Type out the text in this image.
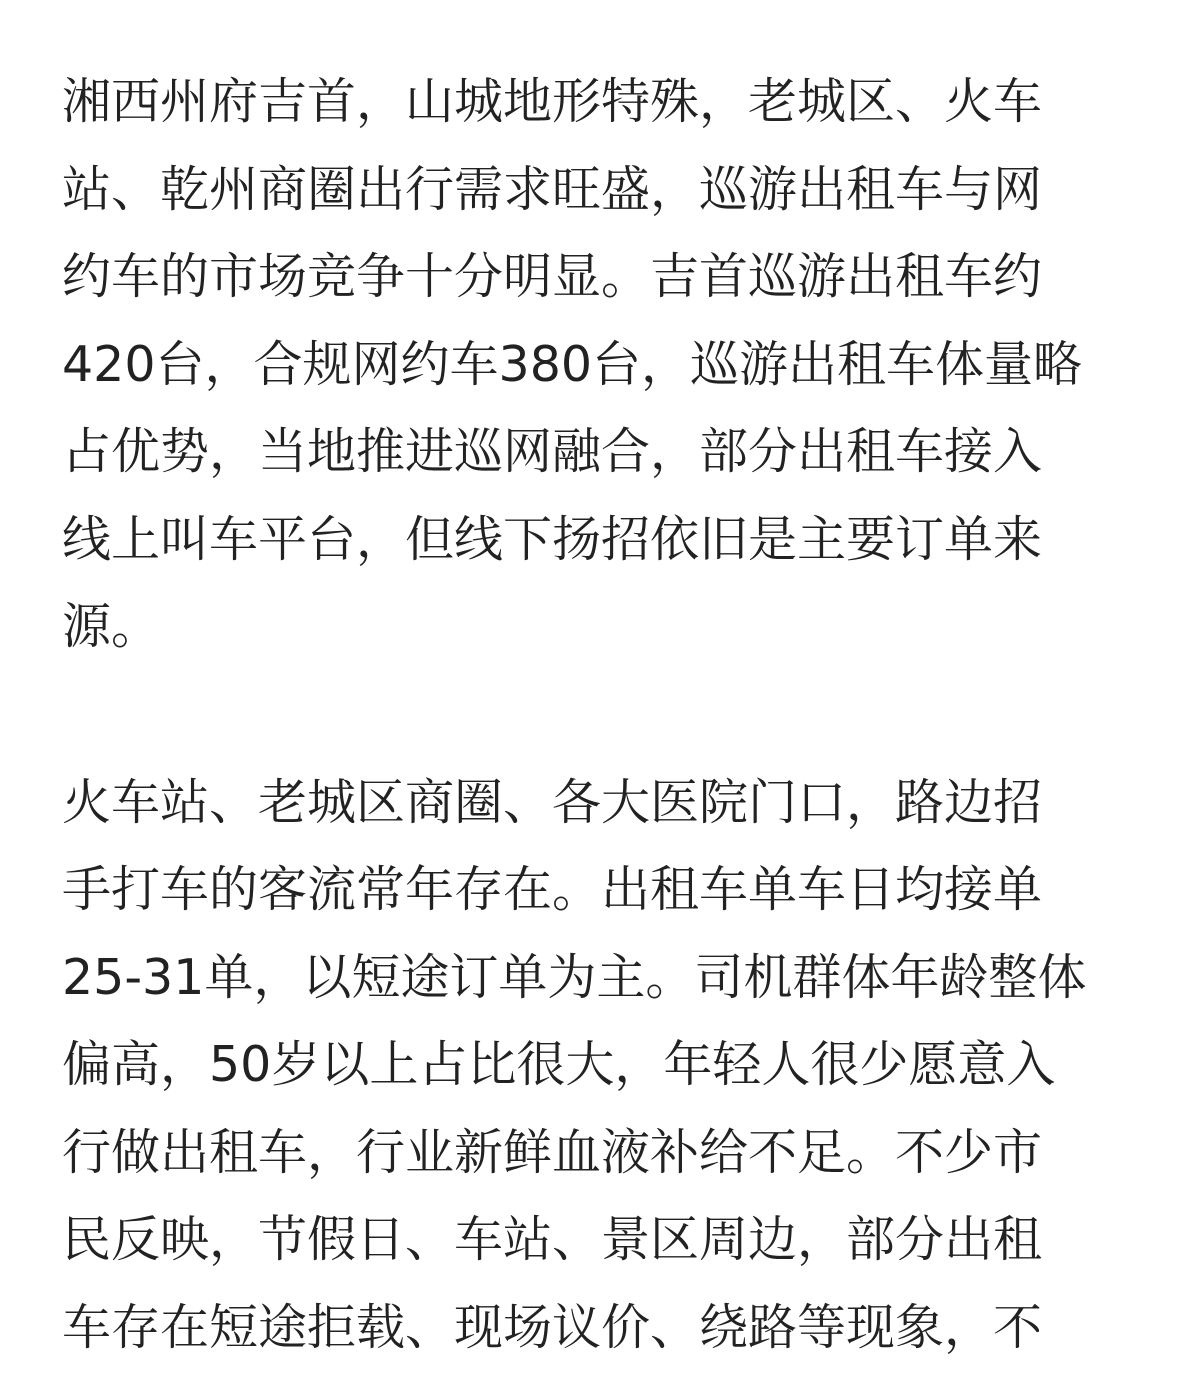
湘西州府吉首，山城地形特殊，老城区、火车
站、乾州商圈出行需求旺盛，巡游出租车与网
约车的市场竞争十分明显。吉首巡游出租车约
420台，合规网约车380台，巡游出租车体量略
占优势，当地推进巡网融合，部分出租车接入
线上叫车平台，但线下扬招依旧是主要订单来
源。
火车站、老城区商圈、各大医院门口，路边招
手打车的客流常年存在。出租车单车日均接单
25-31单，以短途订单为主。司机群体年龄整体
偏高，50岁以上占比很大，年轻人很少愿意入
行做出租车，行业新鲜血液补给不足。不少市
民反映，节假日、车站、景区周边，部分出租
车存在短途拒载、现场议价、绕路等现象，不
